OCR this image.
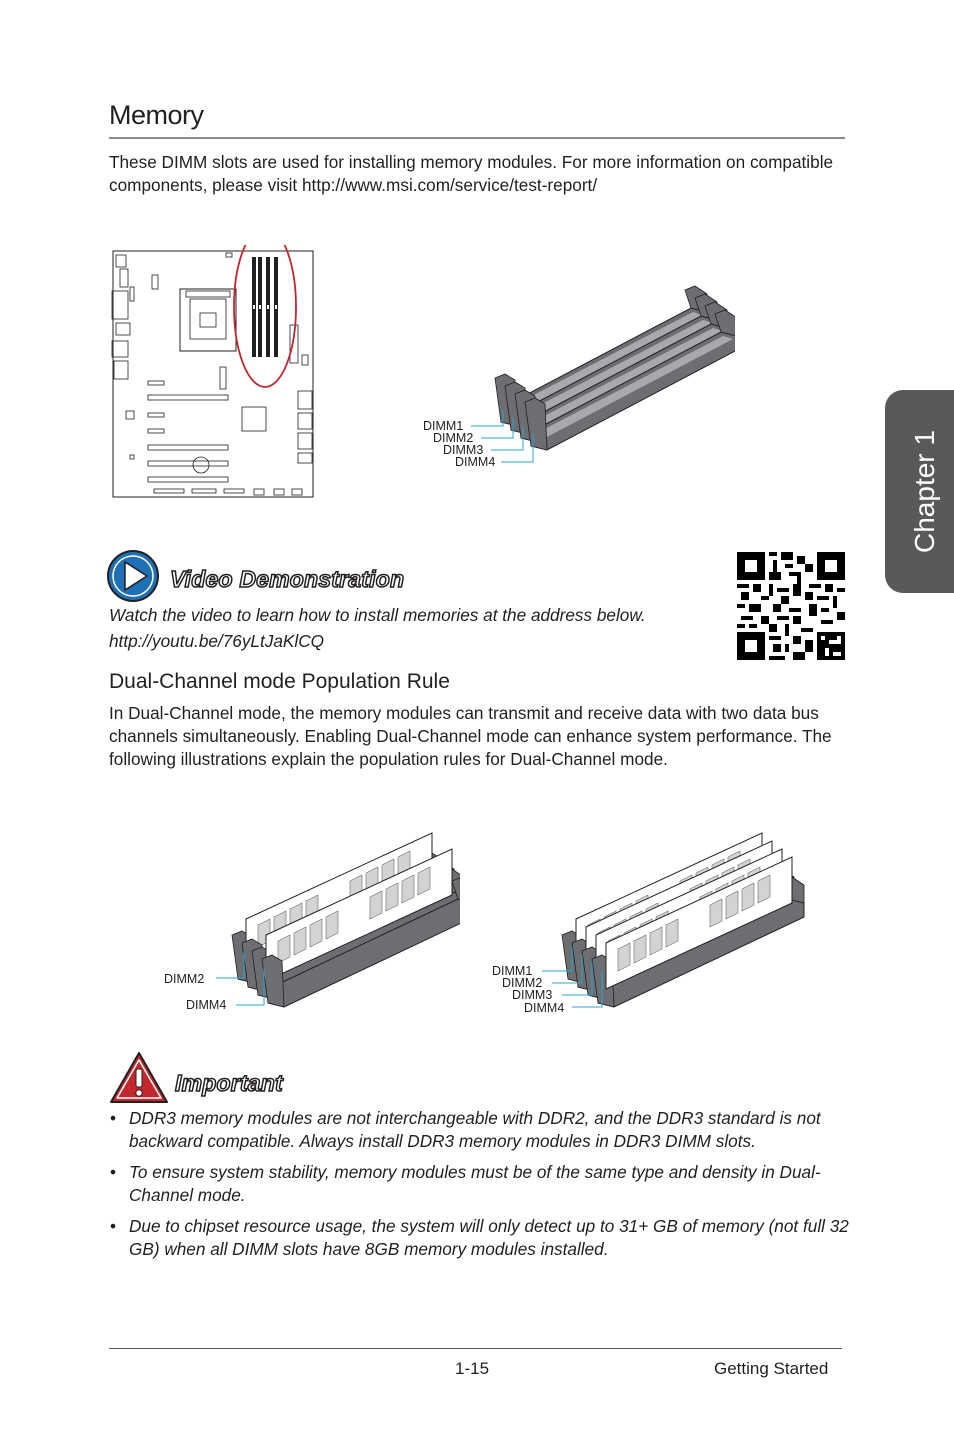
Chapter 1
Memory
These DIMM slots are used for installing memory modules. For more information on compatible components, please visit http://www.msi.com/service/test-report/
DIMM1
DIMM2
DIMM3
DIMM4
Video Demonstration
Watch the video to learn how to install memories at the address below.
http://youtu.be/76yLtJaKlCQ
Dual-Channel mode Population Rule
In Dual-Channel mode, the memory modules can transmit and receive data with two data bus channels simultaneously. Enabling Dual-Channel mode can enhance system performance. The following illustrations explain the population rules for Dual-Channel mode.
DIMM2
DIMM4
DIMM1
DIMM2
DIMM3
DIMM4
Important
• DDR3 memory modules are not interchangeable with DDR2, and the DDR3 standard is not backward compatible. Always install DDR3 memory modules in DDR3 DIMM slots.
• To ensure system stability, memory modules must be of the same type and density in Dual-Channel mode.
• Due to chipset resource usage, the system will only detect up to 31+ GB of memory (not full 32 GB) when all DIMM slots have 8GB memory modules installed.
1-15	Getting Started
